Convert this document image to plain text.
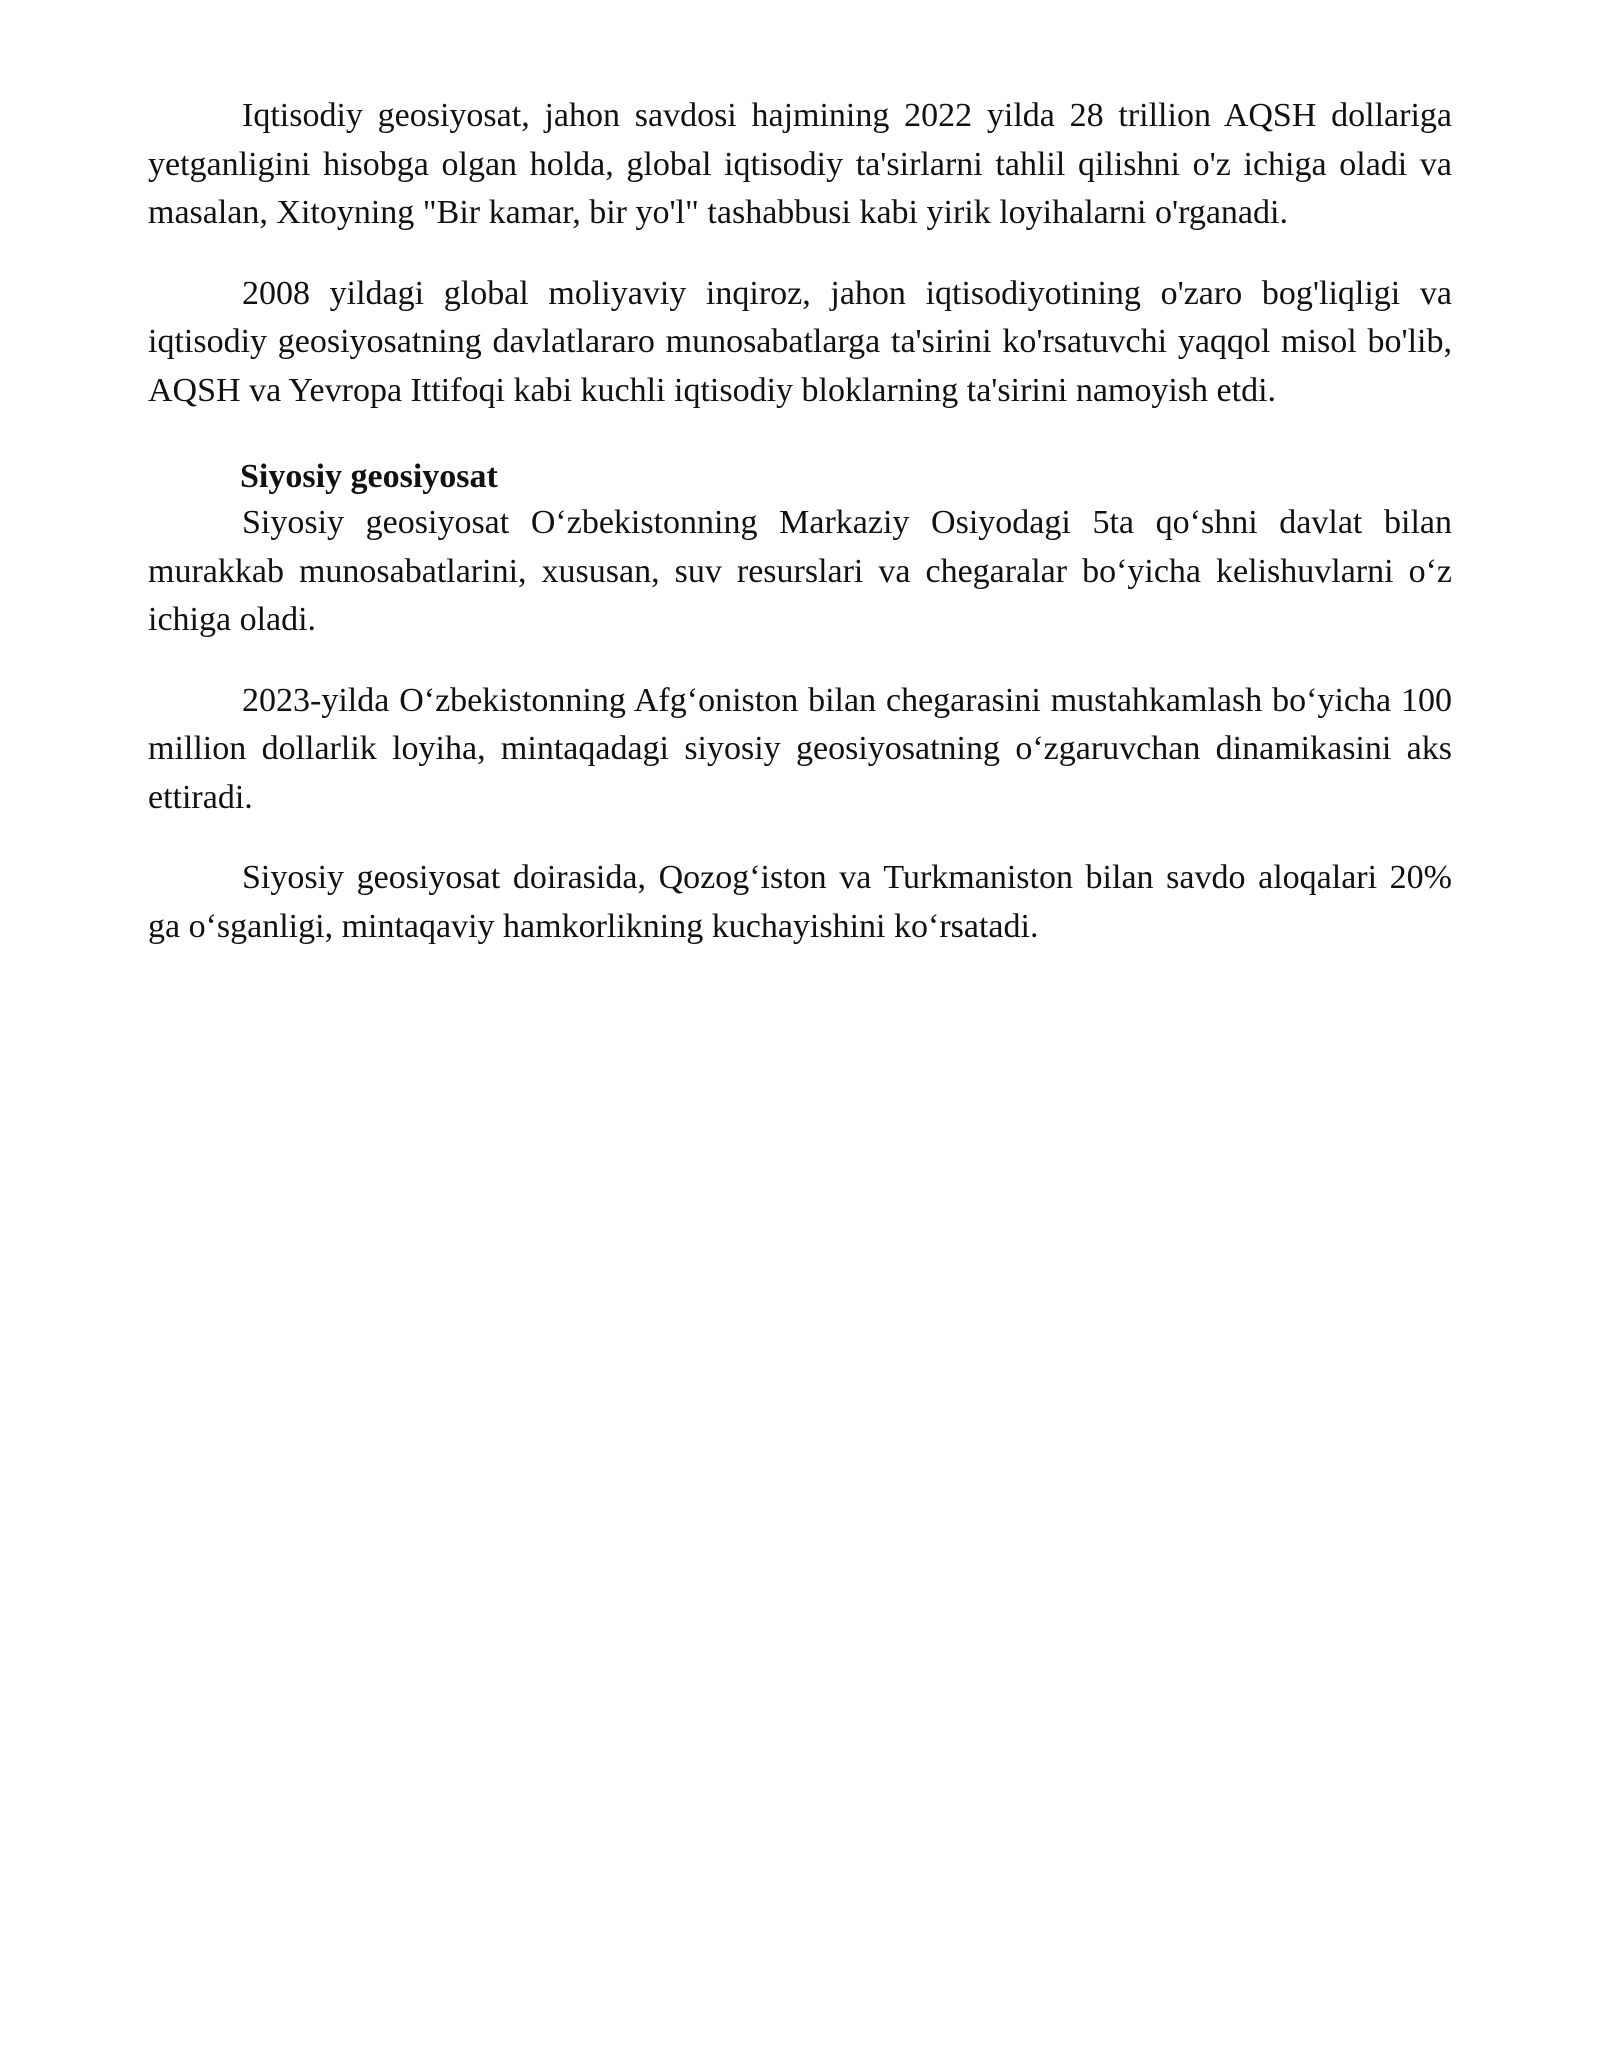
Iqtisodiy geosiyosat, jahon savdosi hajmining 2022 yilda 28 trillion AQSH dollariga yetganligini hisobga olgan holda, global iqtisodiy ta'sirlarni tahlil qilishni o'z ichiga oladi va masalan, Xitoyning "Bir kamar, bir yo'l" tashabbusi kabi yirik loyihalarni o'rganadi.

2008 yildagi global moliyaviy inqiroz, jahon iqtisodiyotining o'zaro bog'liqligi va iqtisodiy geosiyosatning davlatlararo munosabatlarga ta'sirini ko'rsatuvchi yaqqol misol bo'lib, AQSH va Yevropa Ittifoqi kabi kuchli iqtisodiy bloklarning ta'sirini namoyish etdi.

Siyosiy geosiyosat

Siyosiy geosiyosat O‘zbekistonning Markaziy Osiyodagi 5ta qo‘shni davlat bilan murakkab munosabatlarini, xususan, suv resurslari va chegaralar bo‘yicha kelishuvlarni o‘z ichiga oladi.

2023-yilda O‘zbekistonning Afg‘oniston bilan chegarasini mustahkamlash bo‘yicha 100 million dollarlik loyiha, mintaqadagi siyosiy geosiyosatning o‘zgaruvchan dinamikasini aks ettiradi.

Siyosiy geosiyosat doirasida, Qozog‘iston va Turkmaniston bilan savdo aloqalari 20% ga o‘sganligi, mintaqaviy hamkorlikning kuchayishini ko‘rsatadi.
